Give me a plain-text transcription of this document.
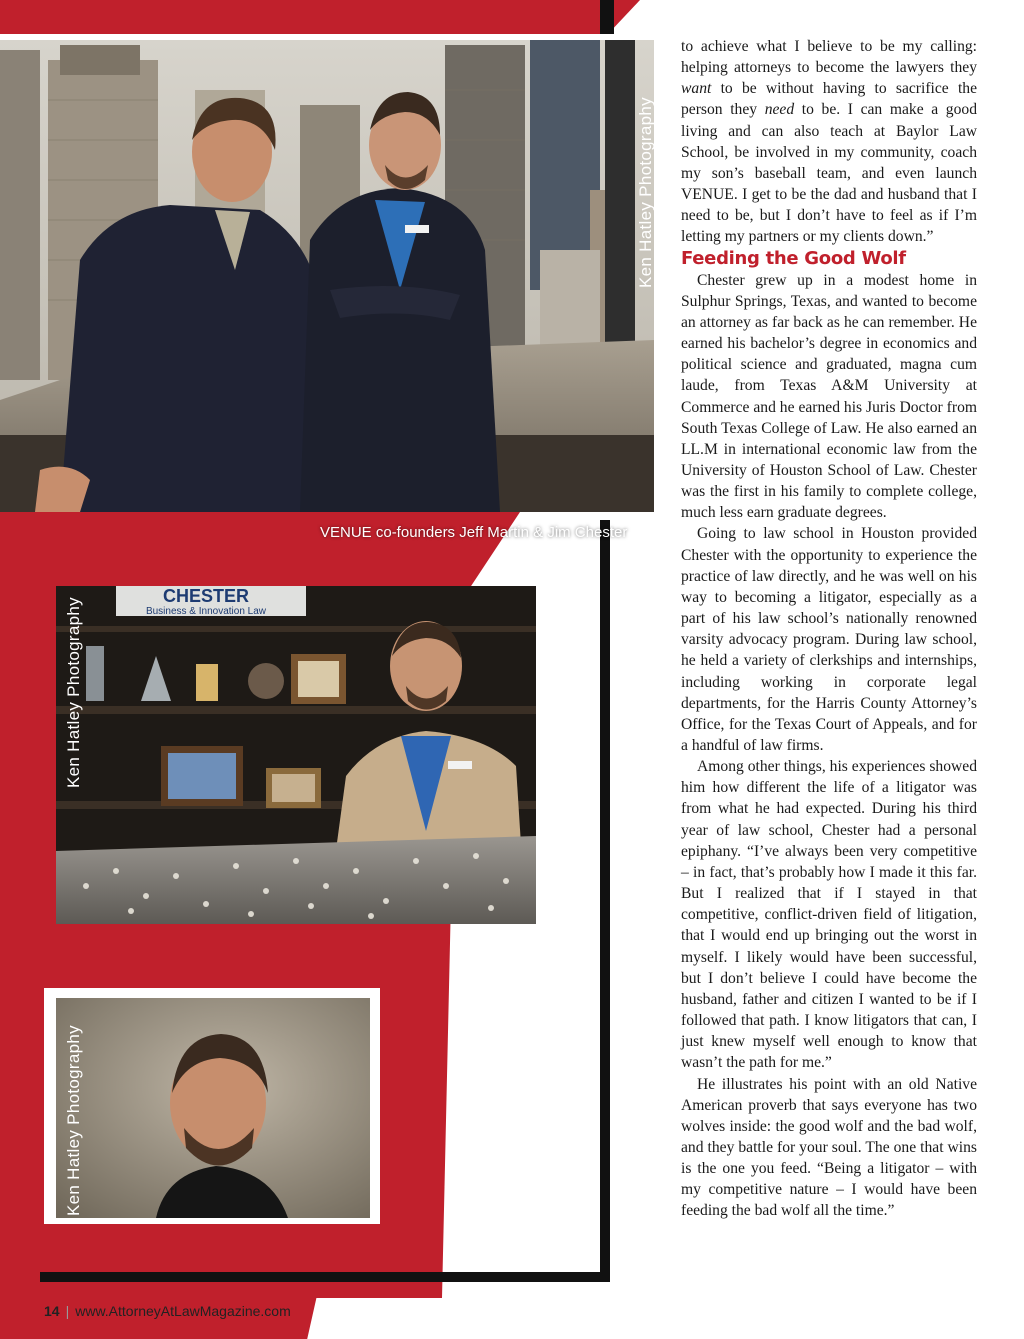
Ken Hatley Photography
VENUE co-founders Jeff Martin & Jim Chester
CHESTER
Business & Innovation Law
Ken Hatley Photography
Ken Hatley Photography

to achieve what I believe to be my calling: helping attorneys to become the lawyers they want to be without having to sacrifice the person they need to be. I can make a good living and can also teach at Baylor Law School, be involved in my community, coach my son’s baseball team, and even launch VENUE. I get to be the dad and husband that I need to be, but I don’t have to feel as if I’m letting my partners or my clients down.”

Feeding the Good Wolf

Chester grew up in a modest home in Sulphur Springs, Texas, and wanted to become an attorney as far back as he can remember. He earned his bachelor’s degree in economics and political science and graduated, magna cum laude, from Texas A&M University at Commerce and he earned his Juris Doctor from South Texas College of Law. He also earned an LL.M in international economic law from the University of Houston School of Law. Chester was the first in his family to complete college, much less earn graduate degrees.

Going to law school in Houston provided Chester with the opportunity to experience the practice of law directly, and he was well on his way to becoming a litigator, especially as a part of his law school’s nationally renowned varsity advocacy program. During law school, he held a variety of clerkships and internships, including working in corporate legal departments, for the Harris County Attorney’s Office, for the Texas Court of Appeals, and for a handful of law firms.

Among other things, his experiences showed him how different the life of a litigator was from what he had expected. During his third year of law school, Chester had a personal epiphany. “I’ve always been very competitive – in fact, that’s probably how I made it this far. But I realized that if I stayed in that competitive, conflict-driven field of litigation, that I would end up bringing out the worst in myself. I likely would have been successful, but I don’t believe I could have become the husband, father and citizen I wanted to be if I followed that path. I know litigators that can, I just knew myself well enough to know that wasn’t the path for me.”

He illustrates his point with an old Native American proverb that says everyone has two wolves inside: the good wolf and the bad wolf, and they battle for your soul. The one that wins is the one you feed. “Being a litigator – with my competitive nature – I would have been feeding the bad wolf all the time.”

14 | www.AttorneyAtLawMagazine.com
